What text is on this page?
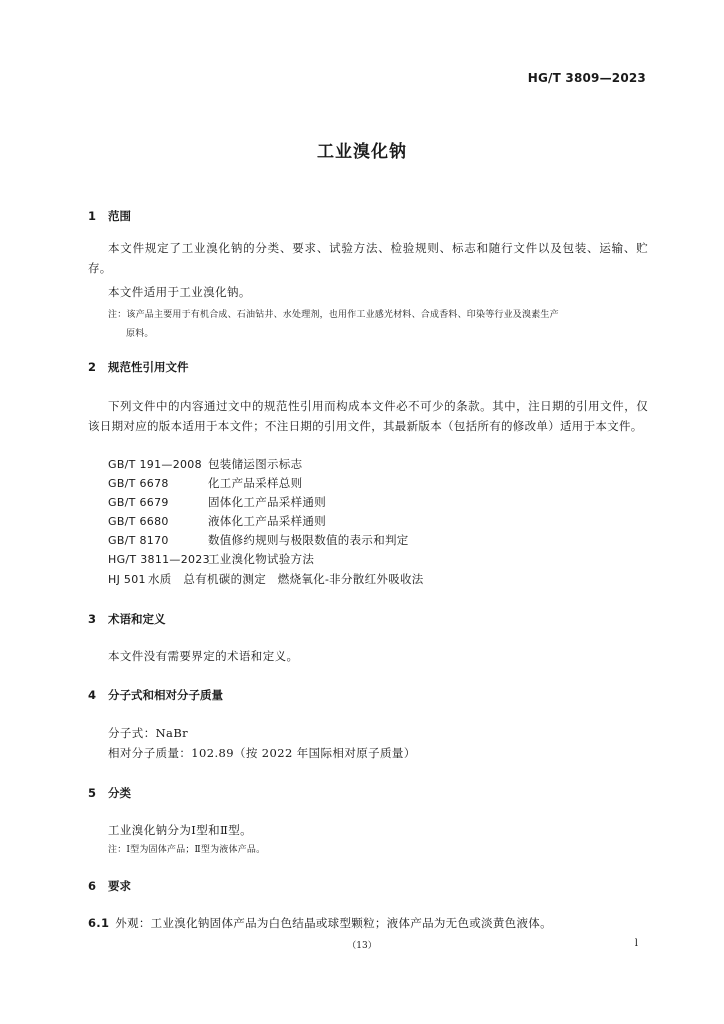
HG/T 3809—2023
工业溴化钠
1 范围
本文件规定了工业溴化钠的分类、要求、试验方法、检验规则、标志和随行文件以及包装、运输、贮存。
本文件适用于工业溴化钠。
注：该产品主要用于有机合成、石油钻井、水处理剂，也用作工业感光材料、合成香料、印染等行业及溴素生产
原料。
2 规范性引用文件
下列文件中的内容通过文中的规范性引用而构成本文件必不可少的条款。其中，注日期的引用文件，仅该日期对应的版本适用于本文件；不注日期的引用文件，其最新版本（包括所有的修改单）适用于本文件。
GB/T 191—2008 包装储运图示标志
GB/T 6678	化工产品采样总则
GB/T 6679	固体化工产品采样通则
GB/T 6680	液体化工产品采样通则
GB/T 8170	数值修约规则与极限数值的表示和判定
HG/T 3811—2023工业溴化物试验方法
HJ 501 水质　总有机碳的测定　燃烧氧化-非分散红外吸收法
3 术语和定义
本文件没有需要界定的术语和定义。
4 分子式和相对分子质量
分子式：NaBr
相对分子质量：102.89（按 2022 年国际相对原子质量）
5 分类
工业溴化钠分为Ⅰ型和Ⅱ型。
注：Ⅰ型为固体产品；Ⅱ型为液体产品。
6 要求
6.1 外观：工业溴化钠固体产品为白色结晶或球型颗粒；液体产品为无色或淡黄色液体。
（13）	l
